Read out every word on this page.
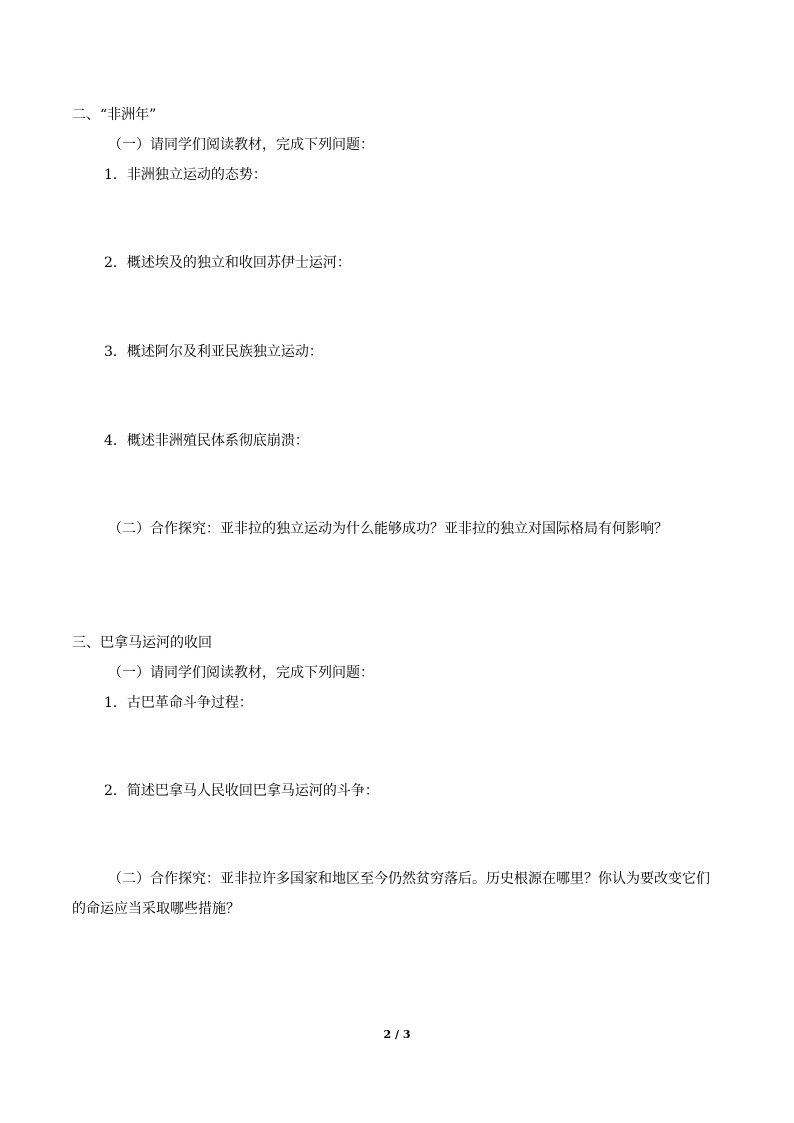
二、“非洲年”
（一）请同学们阅读教材，完成下列问题：
1．非洲独立运动的态势：
2．概述埃及的独立和收回苏伊士运河：
3．概述阿尔及利亚民族独立运动：
4．概述非洲殖民体系彻底崩溃：
（二）合作探究：亚非拉的独立运动为什么能够成功？亚非拉的独立对国际格局有何影响？
三、巴拿马运河的收回
（一）请同学们阅读教材，完成下列问题：
1．古巴革命斗争过程：
2．简述巴拿马人民收回巴拿马运河的斗争：
（二）合作探究：亚非拉许多国家和地区至今仍然贫穷落后。历史根源在哪里？你认为要改变它们的命运应当采取哪些措施？
2 / 3
